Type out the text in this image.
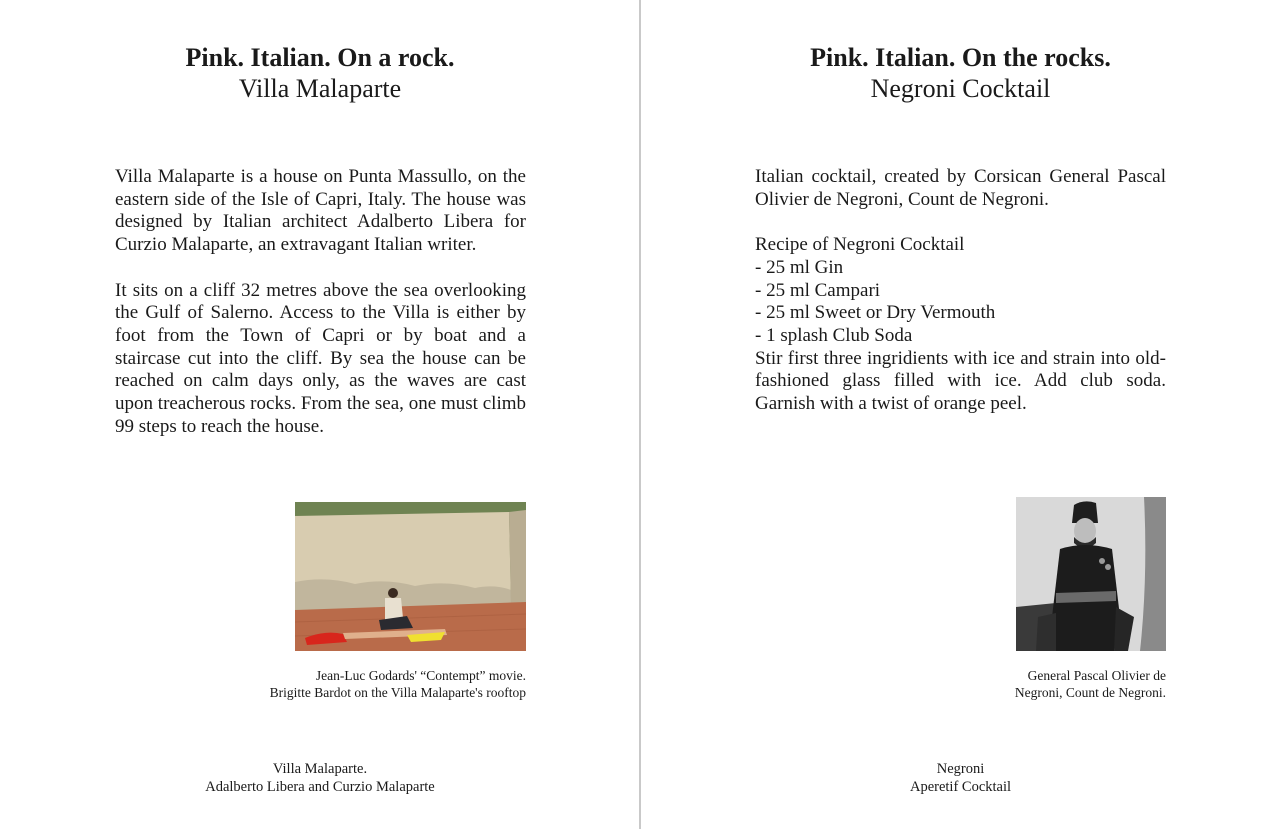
Pink. Italian. On a rock.
Villa Malaparte

Villa Malaparte is a house on Punta Massullo, on the eastern side of the Isle of Capri, Italy. The house was designed by Italian architect Adalberto Libera for Curzio Malaparte, an extravagant Italian writer.

It sits on a cliff 32 metres above the sea overlooking the Gulf of Salerno. Access to the Villa is either by foot from the Town of Capri or by boat and a staircase cut into the cliff. By sea the house can be reached on calm days only, as the waves are cast upon treacherous rocks. From the sea, one must climb 99 steps to reach the house.

Jean-Luc Godards' “Contempt” movie.
Brigitte Bardot on the Villa Malaparte's rooftop
Villa Malaparte.
Adalberto Libera and Curzio Malaparte
Pink. Italian. On the rocks.
Negroni Cocktail

Italian cocktail, created by Corsican General Pascal Olivier de Negroni, Count de Negroni.

Recipe of Negroni Cocktail

- 25 ml Gin
- 25 ml Campari
- 25 ml Sweet or Dry Vermouth
- 1 splash Club Soda

Stir first three ingridients with ice and strain into old-fashioned glass filled with ice. Add club soda. Garnish with a twist of orange peel.

General Pascal Olivier de
Negroni, Count de Negroni.
Negroni
Aperetif Cocktail
